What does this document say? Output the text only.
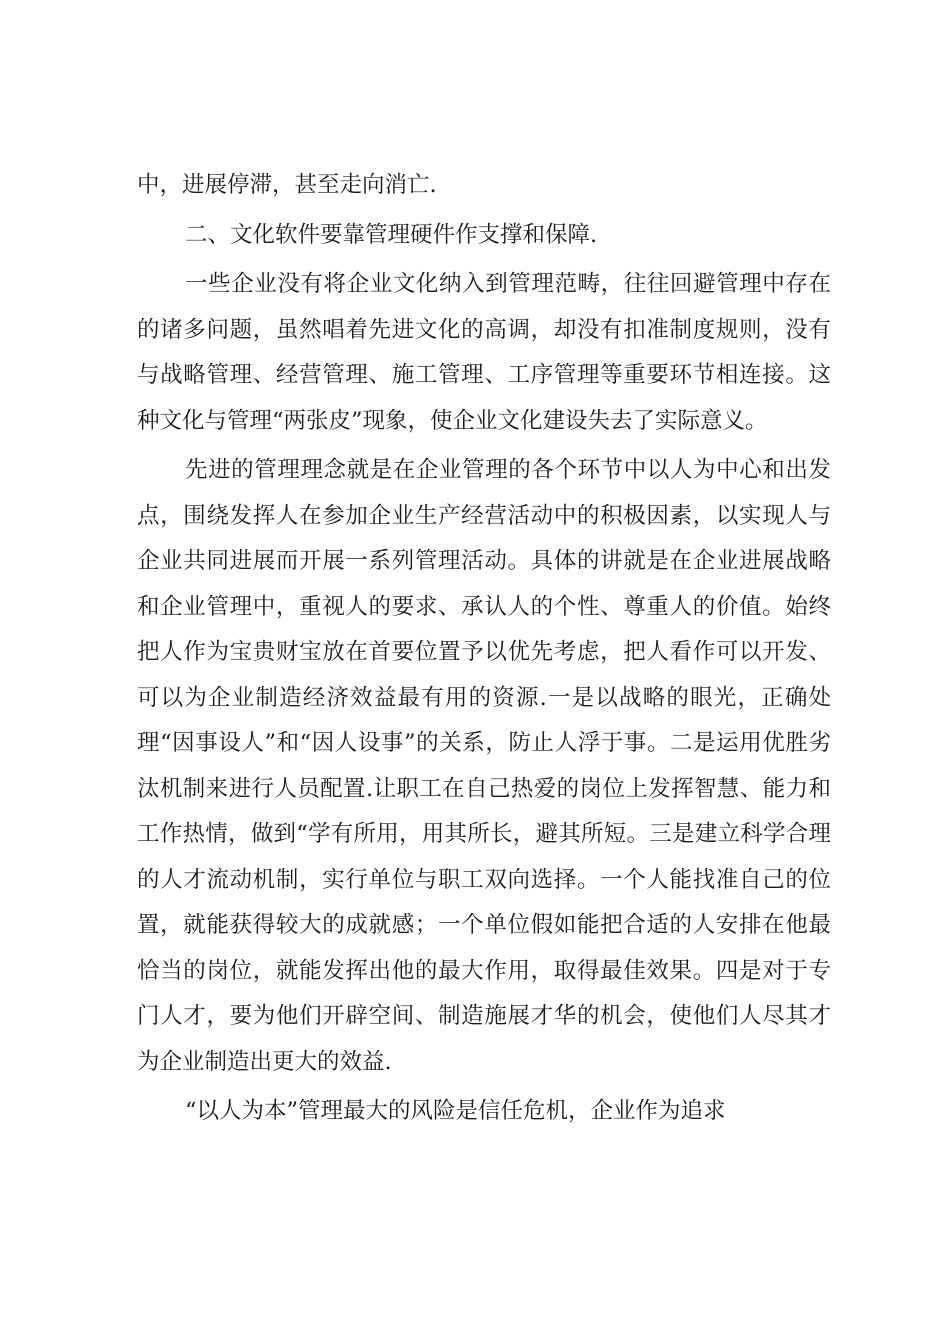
中，进展停滞，甚至走向消亡.

二、文化软件要靠管理硬件作支撑和保障.

一些企业没有将企业文化纳入到管理范畴，往往回避管理中存在的诸多问题，虽然唱着先进文化的高调，却没有扣准制度规则，没有与战略管理、经营管理、施工管理、工序管理等重要环节相连接。这种文化与管理“两张皮”现象，使企业文化建设失去了实际意义。

先进的管理理念就是在企业管理的各个环节中以人为中心和出发点，围绕发挥人在参加企业生产经营活动中的积极因素，以实现人与企业共同进展而开展一系列管理活动。具体的讲就是在企业进展战略和企业管理中，重视人的要求、承认人的个性、尊重人的价值。始终把人作为宝贵财宝放在首要位置予以优先考虑，把人看作可以开发、可以为企业制造经济效益最有用的资源.一是以战略的眼光，正确处理“因事设人”和“因人设事”的关系，防止人浮于事。二是运用优胜劣汰机制来进行人员配置.让职工在自己热爱的岗位上发挥智慧、能力和工作热情，做到“学有所用，用其所长，避其所短。三是建立科学合理的人才流动机制，实行单位与职工双向选择。一个人能找准自己的位置，就能获得较大的成就感；一个单位假如能把合适的人安排在他最恰当的岗位，就能发挥出他的最大作用，取得最佳效果。四是对于专门人才，要为他们开辟空间、制造施展才华的机会，使他们人尽其才为企业制造出更大的效益.

“以人为本”管理最大的风险是信任危机，企业作为追求
